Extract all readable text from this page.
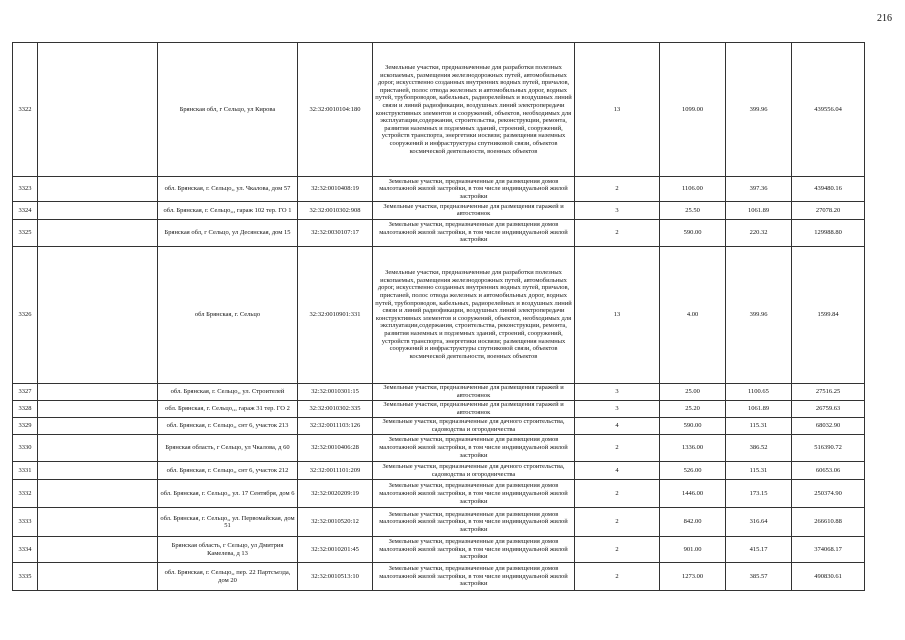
216
3322		Брянская обл, г Сельцо, ул Кирова	32:32:0010104:180	Земельные участки, предназначенные для разработки полезных ископаемых, размещения железнодорожных путей, автомобильных дорог, искусственно созданных внутренних водных путей, причалов, пристаней, полос отвода железных и автомобильных дорог, водных путей, трубопроводов, кабельных, радиорелейных и воздушных линий связи и линий радиофикации, воздушных линий электропередачи конструктивных элементов и сооружений, объектов, необходимых для эксплуатации,содержания, строительства, реконструкции, ремонта, развития наземных и подземных зданий, строений, сооружений, устройств транспорта, энергетики иосвязи; размещения наземных сооружений и инфраструктуры спутниковой связи, объектов космической деятельности, военных объектов	13	1099.00	399.96	439556.04
3323		обл. Брянская, г. Сельцо,, ул. Чкалова, дом 57	32:32:0010408:19	Земельные участки, предназначенные для размещения домов малоэтажной жилой застройки, в том числе индивидуальной жилой застройки	2	1106.00	397.36	439480.16
3324		обл. Брянская, г. Сельцо,,, гараж 102 тер. ГО 1	32:32:0010302:908	Земельные участки, предназначенные для размещения гаражей и автостоянок	3	25.50	1061.89	27078.20
3325		Брянская обл, г Сельцо, ул Десянская, дом 15	32:32:0030107:17	Земельные участки, предназначенные для размещения домов малоэтажной жилой застройки, в том числе индивидуальной жилой застройки	2	590.00	220.32	129988.80
3326		обл Брянская, г. Сельцо	32:32:0010901:331	Земельные участки, предназначенные для разработки полезных ископаемых, размещения железнодорожных путей, автомобильных дорог, искусственно созданных внутренних водных путей, причалов, пристаней, полос отвода железных и автомобильных дорог, водных путей, трубопроводов, кабельных, радиорелейных и воздушных линий связи и линий радиофикации, воздушных линий электропередачи конструктивных элементов и сооружений, объектов, необходимых для эксплуатации,содержания, строительства, реконструкции, ремонта, развития наземных и подземных зданий, строений, сооружений, устройств транспорта, энергетики иосвязи; размещения наземных сооружений и инфраструктуры спутниковой связи, объектов космической деятельности, военных объектов	13	4.00	399.96	1599.84
3327		обл. Брянская, г. Сельцо,, ул. Строителей	32:32:0010301:15	Земельные участки, предназначенные для размещения гаражей и автостоянок	3	25.00	1100.65	27516.25
3328		обл. Брянская, г. Сельцо,,, гараж 31 тер. ГО 2	32:32:0010302:335	Земельные участки, предназначенные для размещения гаражей и автостоянок	3	25.20	1061.89	26759.63
3329		обл. Брянская, г. Сельцо,, снт 6, участок 213	32:32:0011103:126	Земельные участки, предназначенные для дачного строительства, садоводства и огородничества	4	590.00	115.31	68032.90
3330		Брянская область, г Сельцо, ул Чкалова, д 60	32:32:0010406:28	Земельные участки, предназначенные для размещения домов малоэтажной жилой застройки, в том числе индивидуальной жилой застройки	2	1336.00	386.52	516390.72
3331		обл. Брянская, г. Сельцо,, снт 6, участок 212	32:32:0011101:209	Земельные участки, предназначенные для дачного строительства, садоводства и огородничества	4	526.00	115.31	60653.06
3332		обл. Брянская, г. Сельцо,, ул. 17 Сентября, дом 6	32:32:0020209:19	Земельные участки, предназначенные для размещения домов малоэтажной жилой застройки, в том числе индивидуальной жилой застройки	2	1446.00	173.15	250374.90
3333		обл. Брянская, г. Сельцо,, ул. Первомайская, дом 51	32:32:0010520:12	Земельные участки, предназначенные для размещения домов малоэтажной жилой застройки, в том числе индивидуальной жилой застройки	2	842.00	316.64	266610.88
3334		Брянская область, г Сельцо, ул Дмитрия Камелева, д 13	32:32:0010201:45	Земельные участки, предназначенные для размещения домов малоэтажной жилой застройки, в том числе индивидуальной жилой застройки	2	901.00	415.17	374068.17
3335		обл. Брянская, г. Сельцо,, пер. 22 Партсъезда, дом 20	32:32:0010513:10	Земельные участки, предназначенные для размещения домов малоэтажной жилой застройки, в том числе индивидуальной жилой застройки	2	1273.00	385.57	490830.61
